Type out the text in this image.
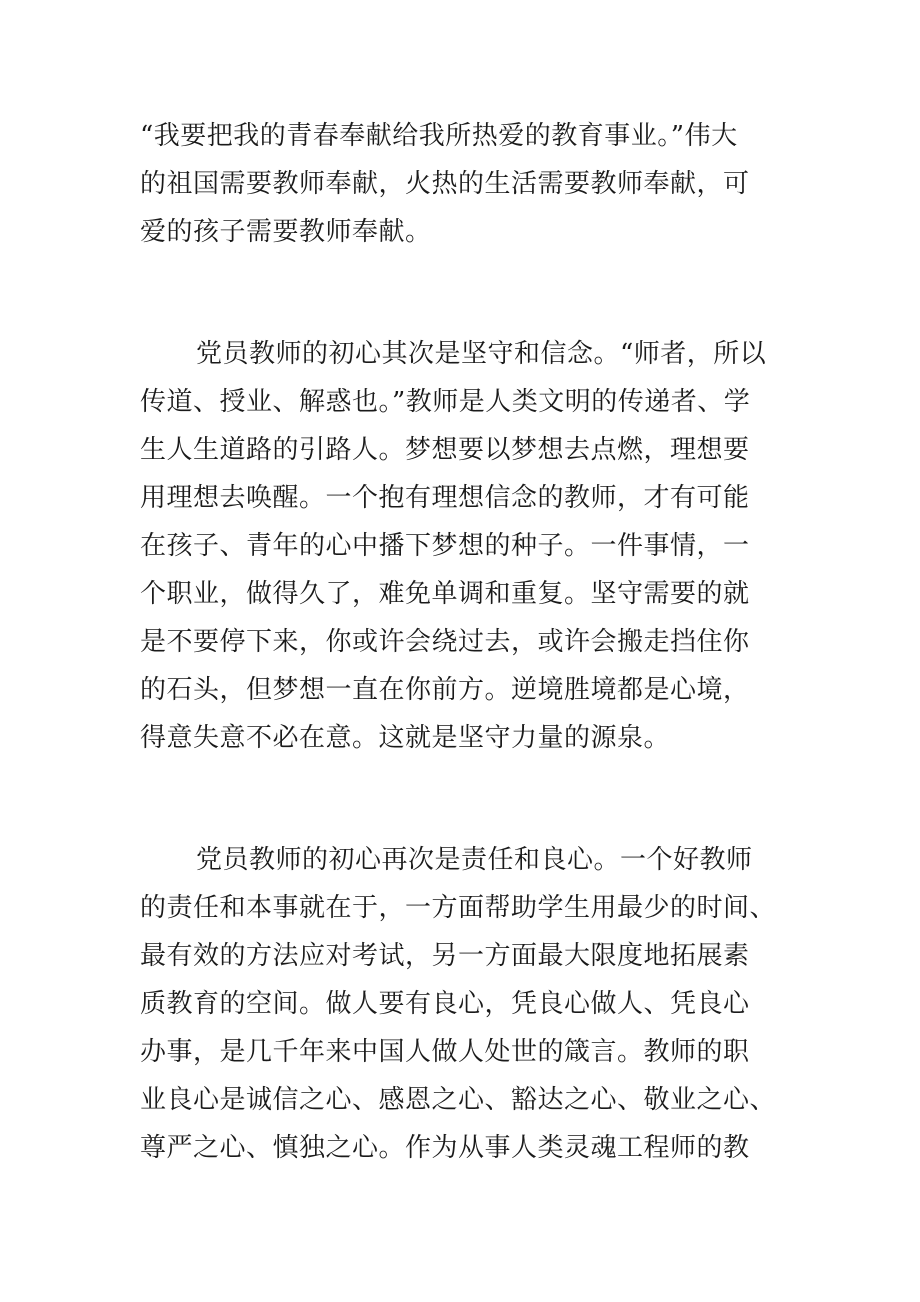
“我要把我的青春奉献给我所热爱的教育事业。”伟大
的祖国需要教师奉献，火热的生活需要教师奉献，可
爱的孩子需要教师奉献。
党员教师的初心其次是坚守和信念。“师者，所以
传道、授业、解惑也。”教师是人类文明的传递者、学
生人生道路的引路人。梦想要以梦想去点燃，理想要
用理想去唤醒。一个抱有理想信念的教师，才有可能
在孩子、青年的心中播下梦想的种子。一件事情，一
个职业，做得久了，难免单调和重复。坚守需要的就
是不要停下来，你或许会绕过去，或许会搬走挡住你
的石头，但梦想一直在你前方。逆境胜境都是心境，
得意失意不必在意。这就是坚守力量的源泉。
党员教师的初心再次是责任和良心。一个好教师
的责任和本事就在于，一方面帮助学生用最少的时间、
最有效的方法应对考试，另一方面最大限度地拓展素
质教育的空间。做人要有良心，凭良心做人、凭良心
办事，是几千年来中国人做人处世的箴言。教师的职
业良心是诚信之心、感恩之心、豁达之心、敬业之心、
尊严之心、慎独之心。作为从事人类灵魂工程师的教
